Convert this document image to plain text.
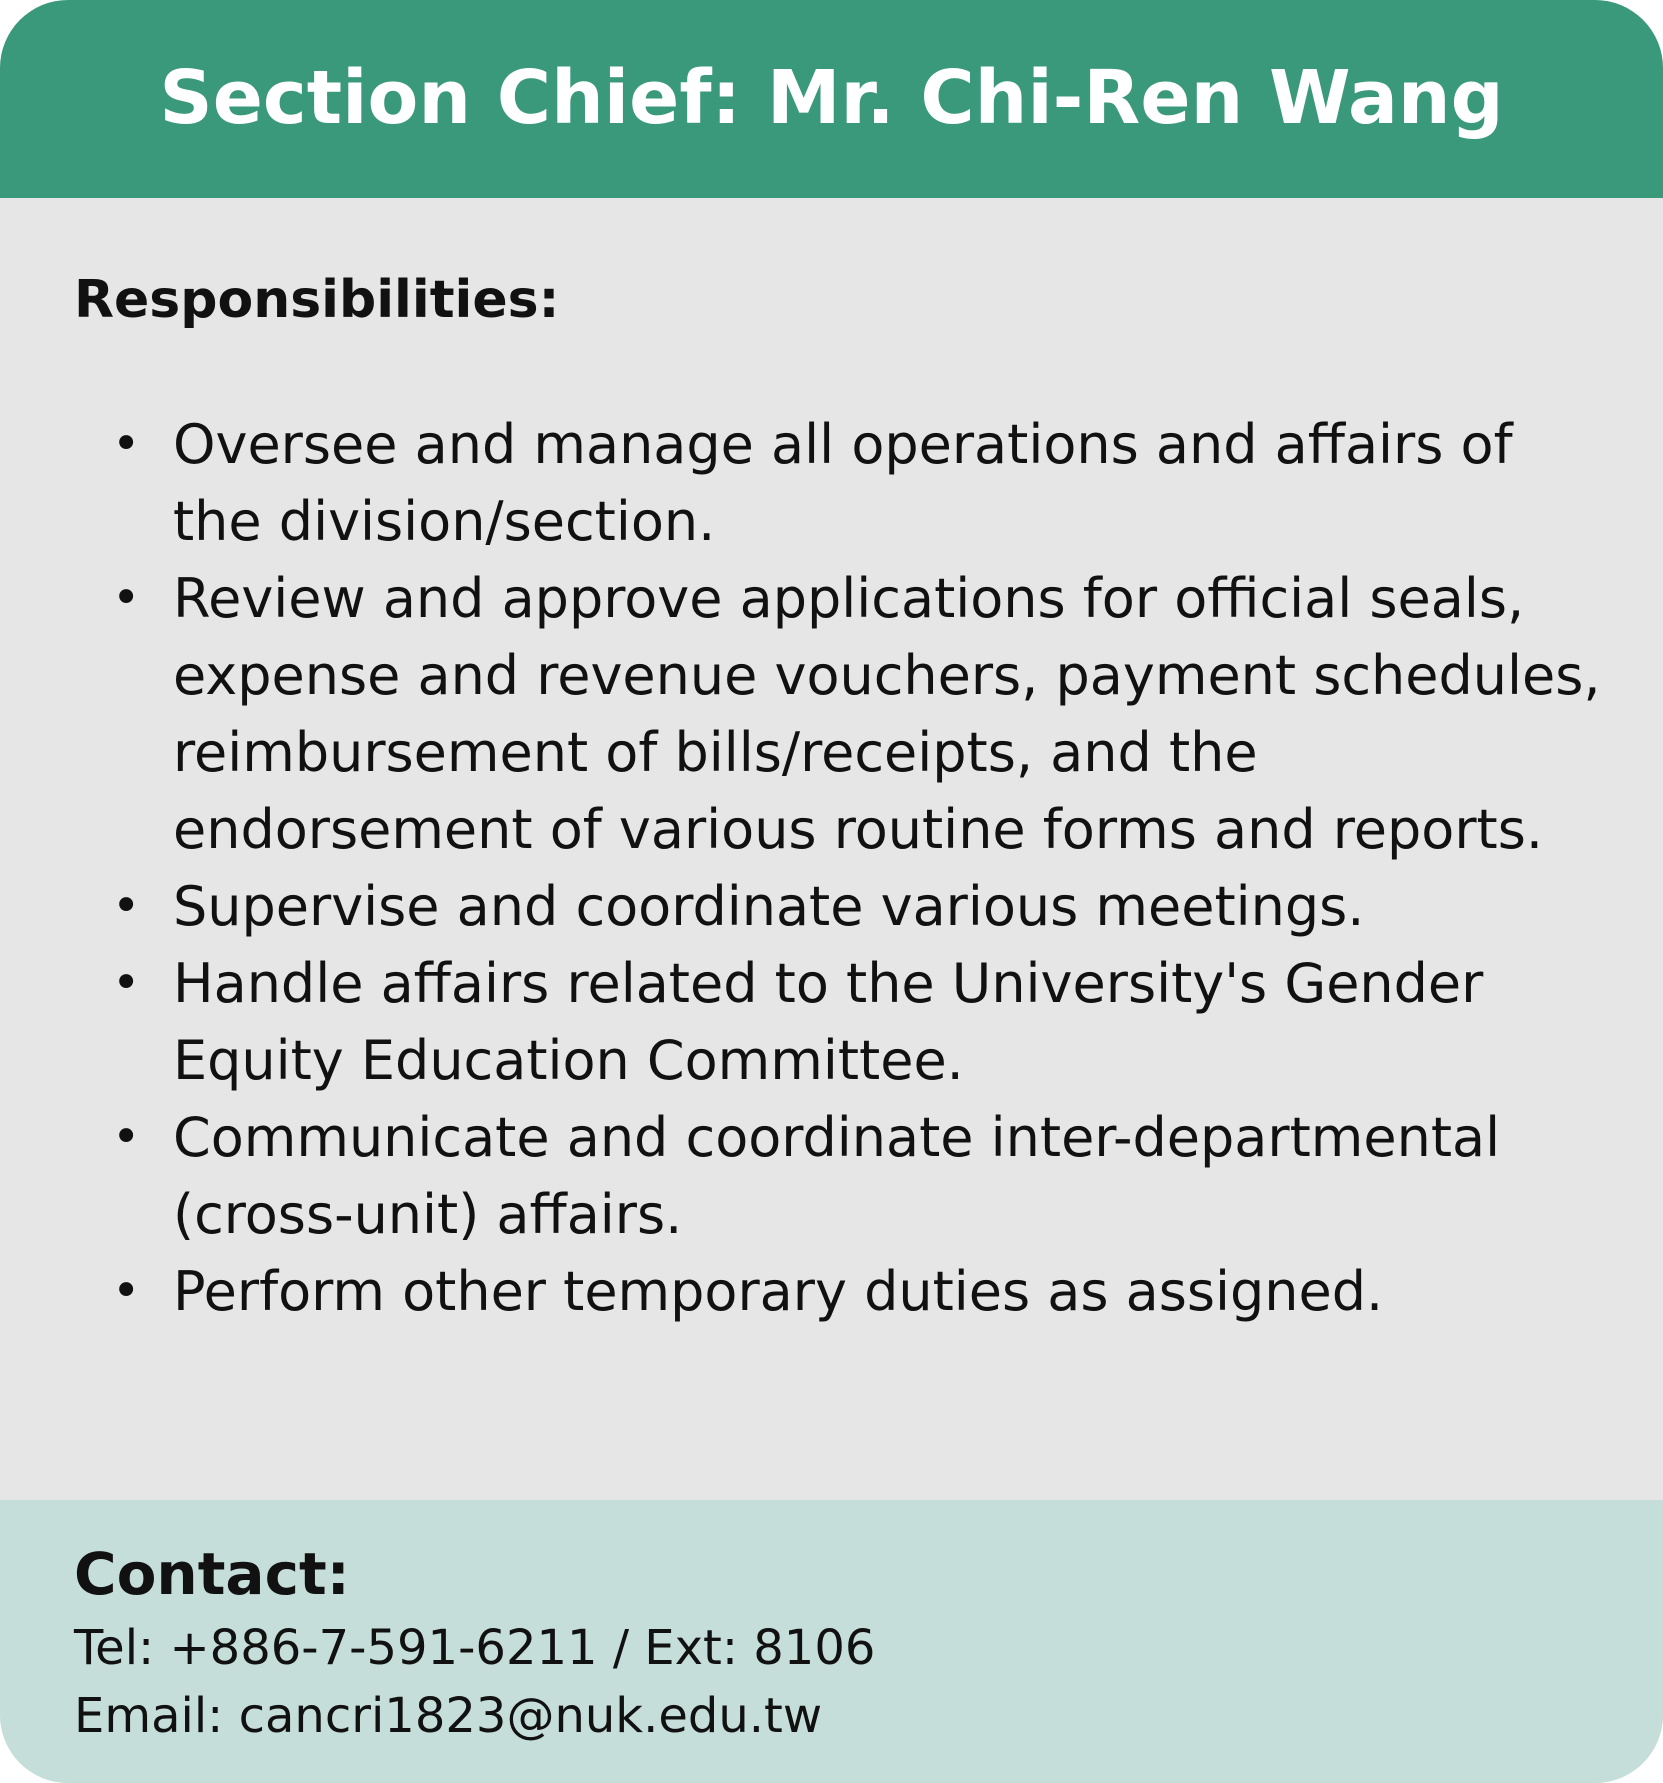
Section Chief: Mr. Chi-Ren Wang
Responsibilities:
• Oversee and manage all operations and affairs of the division/section.
• Review and approve applications for official seals, expense and revenue vouchers, payment schedules, reimbursement of bills/receipts, and the endorsement of various routine forms and reports.
• Supervise and coordinate various meetings.
• Handle affairs related to the University's Gender Equity Education Committee.
• Communicate and coordinate inter-departmental (cross-unit) affairs.
• Perform other temporary duties as assigned.
Contact:

Tel: +886-7-591-6211 / Ext: 8106

Email: cancri1823@nuk.edu.tw
